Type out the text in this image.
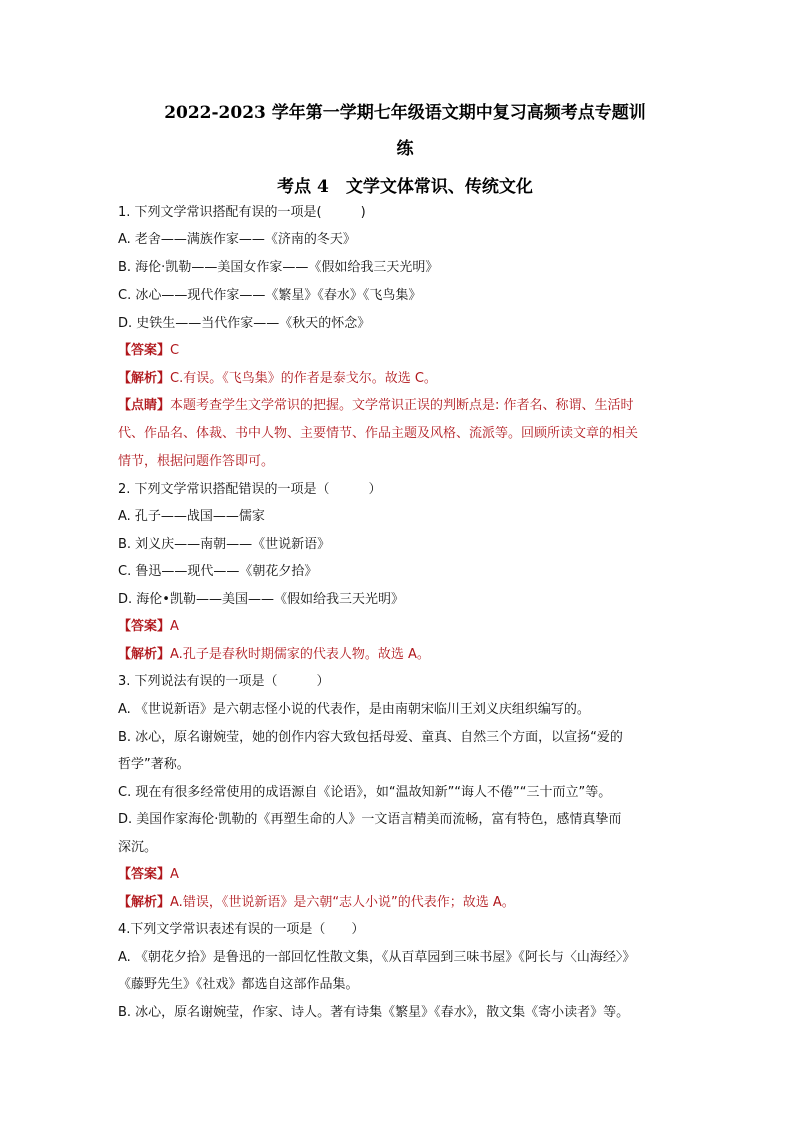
2022-2023 学年第一学期七年级语文期中复习高频考点专题训
练
考点 4　文学文体常识、传统文化
1. 下列文学常识搭配有误的一项是(　　　)
A. 老舍——满族作家——《济南的冬天》
B. 海伦·凯勒——美国女作家——《假如给我三天光明》
C. 冰心——现代作家——《繁星》《春水》《飞鸟集》
D. 史铁生——当代作家——《秋天的怀念》
【答案】C
【解析】C.有误。《飞鸟集》的作者是泰戈尔。故选 C。
【点睛】本题考查学生文学常识的把握。文学常识正误的判断点是: 作者名、称谓、生活时
代、作品名、体裁、书中人物、主要情节、作品主题及风格、流派等。回顾所读文章的相关
情节，根据问题作答即可。
2. 下列文学常识搭配错误的一项是（　　　）
A. 孔子——战国——儒家
B. 刘义庆——南朝——《世说新语》
C. 鲁迅——现代——《朝花夕拾》
D. 海伦•凯勒——美国——《假如给我三天光明》
【答案】A
【解析】A.孔子是春秋时期儒家的代表人物。故选 A。
3. 下列说法有误的一项是（　　　）
A. 《世说新语》是六朝志怪小说的代表作，是由南朝宋临川王刘义庆组织编写的。
B. 冰心，原名谢婉莹，她的创作内容大致包括母爱、童真、自然三个方面，以宣扬“爱的
哲学”著称。
C. 现在有很多经常使用的成语源自《论语》，如“温故知新”“诲人不倦”“三十而立”等。
D. 美国作家海伦·凯勒的《再塑生命的人》一文语言精美而流畅，富有特色，感情真挚而
深沉。
【答案】A
【解析】A.错误，《世说新语》是六朝“志人小说”的代表作；故选 A。
4.下列文学常识表述有误的一项是（　　）
A. 《朝花夕拾》是鲁迅的一部回忆性散文集，《从百草园到三味书屋》《阿长与〈山海经〉》
《藤野先生》《社戏》都选自这部作品集。
B. 冰心，原名谢婉莹，作家、诗人。著有诗集《繁星》《春水》，散文集《寄小读者》等。
